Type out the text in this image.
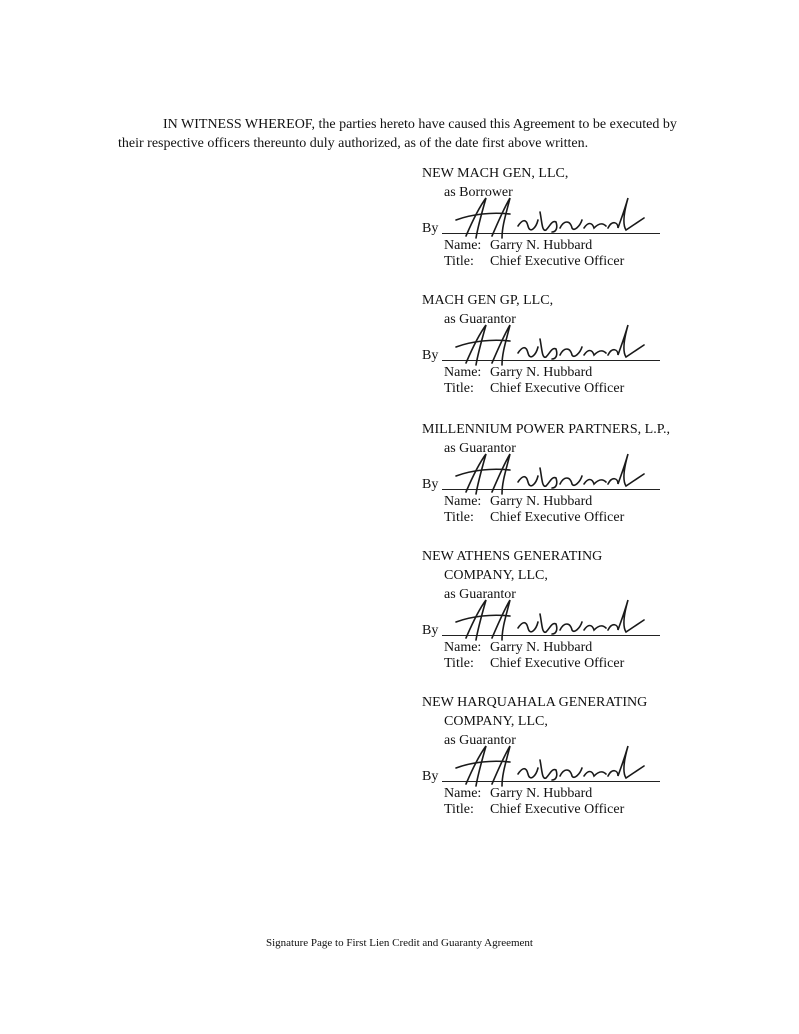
IN WITNESS WHEREOF, the parties hereto have caused this Agreement to be executed by their respective officers thereunto duly authorized, as of the date first above written.

NEW MACH GEN, LLC,
as Borrower
By
Name: Garry N. Hubbard
Title: Chief Executive Officer
MACH GEN GP, LLC,
as Guarantor
By
Name: Garry N. Hubbard
Title: Chief Executive Officer
MILLENNIUM POWER PARTNERS, L.P.,
as Guarantor
By
Name: Garry N. Hubbard
Title: Chief Executive Officer
NEW ATHENS GENERATING
COMPANY, LLC,
as Guarantor
By
Name: Garry N. Hubbard
Title: Chief Executive Officer
NEW HARQUAHALA GENERATING
COMPANY, LLC,
as Guarantor
By
Name: Garry N. Hubbard
Title: Chief Executive Officer
Signature Page to First Lien Credit and Guaranty Agreement
